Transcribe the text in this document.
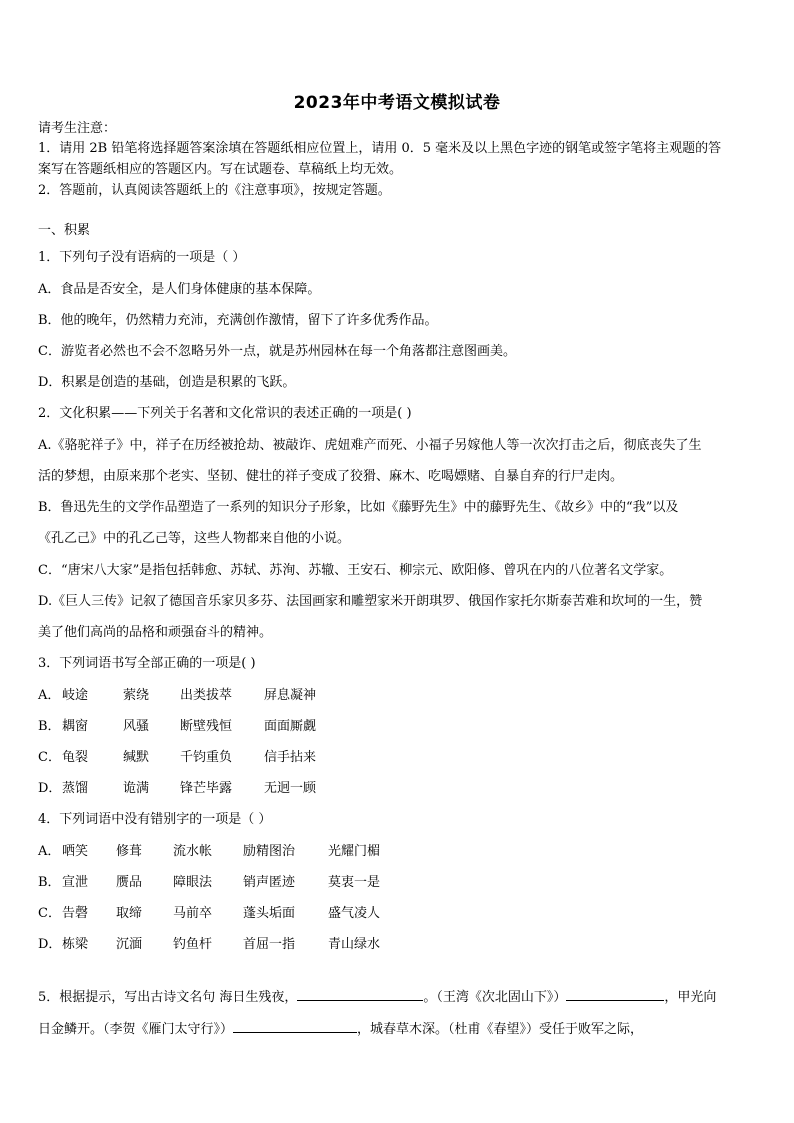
2023年中考语文模拟试卷
请考生注意：
1．请用 2B 铅笔将选择题答案涂填在答题纸相应位置上，请用 0．5 毫米及以上黑色字迹的钢笔或签字笔将主观题的答
案写在答题纸相应的答题区内。写在试题卷、草稿纸上均无效。
2．答题前，认真阅读答题纸上的《注意事项》，按规定答题。
一、积累
1．下列句子没有语病的一项是（ ）
A．食品是否安全，是人们身体健康的基本保障。
B．他的晚年，仍然精力充沛，充满创作激情，留下了许多优秀作品。
C．游览者必然也不会不忽略另外一点，就是苏州园林在每一个角落都注意图画美。
D．积累是创造的基础，创造是积累的飞跃。
2．文化积累——下列关于名著和文化常识的表述正确的一项是( )
A.《骆驼祥子》中，祥子在历经被抢劫、被敲诈、虎妞难产而死、小福子另嫁他人等一次次打击之后，彻底丧失了生
活的梦想，由原来那个老实、坚韧、健壮的祥子变成了狡猾、麻木、吃喝嫖赌、自暴自弃的行尸走肉。
B．鲁迅先生的文学作品塑造了一系列的知识分子形象，比如《藤野先生》中的藤野先生、《故乡》中的“我”以及
《孔乙己》中的孔乙己等，这些人物都来自他的小说。
C．“唐宋八大家”是指包括韩愈、苏轼、苏洵、苏辙、王安石、柳宗元、欧阳修、曾巩在内的八位著名文学家。
D.《巨人三传》记叙了德国音乐家贝多芬、法国画家和雕塑家米开朗琪罗、俄国作家托尔斯泰苦难和坎坷的一生，赞
美了他们高尚的品格和顽强奋斗的精神。
3．下列词语书写全部正确的一项是( )
A． 岐途	萦绕 出类拔萃 屏息凝神
B．耦窗	风骚 断壁残恒 面面厮觑
C．龟裂	缄默 千钧重负 信手拈来
D．蒸馏	诡满 锋芒毕露 无迥一顾
4．下列词语中没有错别字的一项是（ ）
A． 哂笑 修葺 流水帐 励精图治	光耀门楣
B．宣泄 赝品 障眼法 销声匿迹	莫衷一是
C．告磬 取缔 马前卒 蓬头垢面	盛气凌人
D．栋梁 沉湎 钓鱼杆 首屈一指	青山绿水
5．根据提示，写出古诗文名句 海日生残夜，	。（王湾《次北固山下》）	，甲光向
日金鳞开。（李贺《雁门太守行》）	，城春草木深。（杜甫《春望》）受任于败军之际，
